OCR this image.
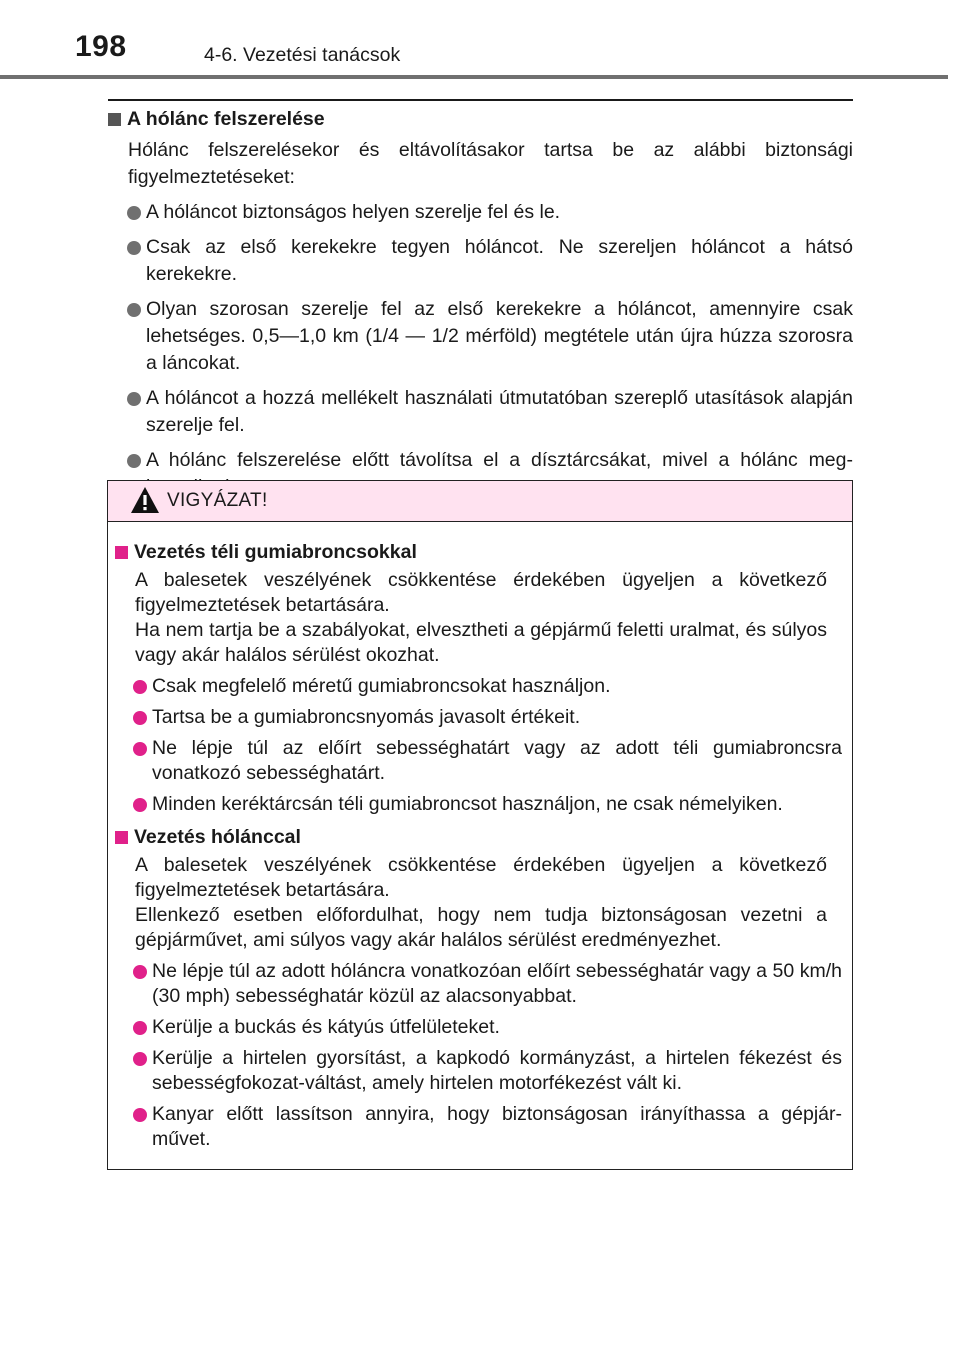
198	4-6. Vezetési tanácsok
A hólánc felszerelése
Hólánc felszerelésekor és eltávolításakor tartsa be az alábbi biztonsági figyelmeztetéseket:
A hóláncot biztonságos helyen szerelje fel és le.
Csak az első kerekekre tegyen hóláncot. Ne szereljen hóláncot a hátsó kerekekre.
Olyan szorosan szerelje fel az első kerekekre a hóláncot, amennyire csak lehetséges. 0,5—1,0 km (1/4 — 1/2 mérföld) megtétele után újra húzza szorosra a láncokat.
A hóláncot a hozzá mellékelt használati útmutatóban szereplő utasítások alapján szerelje fel.
A hólánc felszerelése előtt távolítsa el a dísztárcsákat, mivel a hólánc meg-
VIGYÁZAT!
Vezetés téli gumiabroncsokkal

A balesetek veszélyének csökkentése érdekében ügyeljen a következő figyelmeztetések betartására.

Ha nem tartja be a szabályokat, elvesztheti a gépjármű feletti uralmat, és súlyos vagy akár halálos sérülést okozhat.

Csak megfelelő méretű gumiabroncsokat használjon.
Tartsa be a gumiabroncsnyomás javasolt értékeit.
Ne lépje túl az előírt sebességhatárt vagy az adott téli gumiabroncsra vonatkozó sebességhatárt.
Minden keréktárcsán téli gumiabroncsot használjon, ne csak némelyiken.
Vezetés hólánccal

A balesetek veszélyének csökkentése érdekében ügyeljen a következő figyelmeztetések betartására.

Ellenkező esetben előfordulhat, hogy nem tudja biztonságosan vezetni a gépjárművet, ami súlyos vagy akár halálos sérülést eredményezhet.

Ne lépje túl az adott hóláncra vonatkozóan előírt sebességhatár vagy a 50 km/h (30 mph) sebességhatár közül az alacsonyabbat.
Kerülje a buckás és kátyús útfelületeket.
Kerülje a hirtelen gyorsítást, a kapkodó kormányzást, a hirtelen fékezést és sebességfokozat-váltást, amely hirtelen motorfékezést vált ki.
Kanyar előtt lassítson annyira, hogy biztonságosan irányíthassa a gépjár-művet.
